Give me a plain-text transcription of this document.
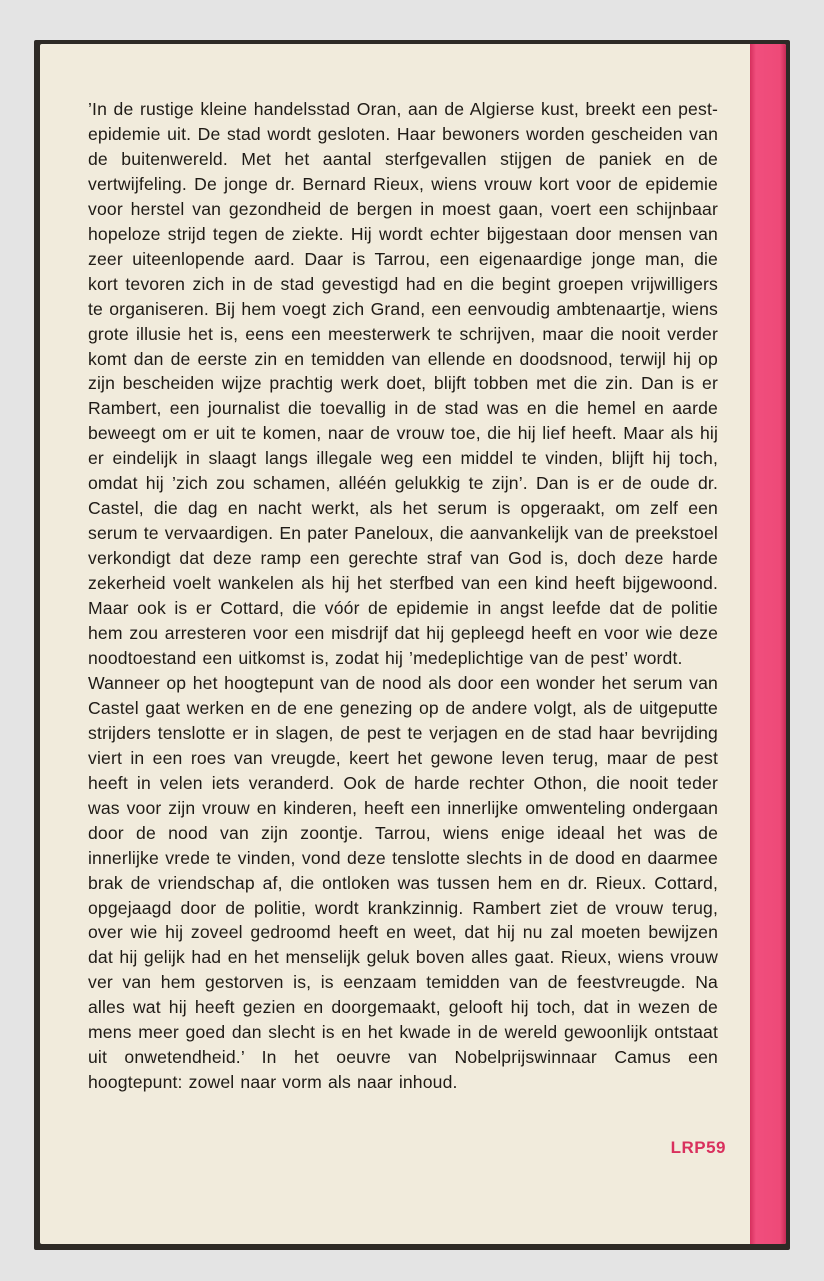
’In de rustige kleine handelsstad Oran, aan de Algierse kust, breekt een pest-epidemie uit. De stad wordt gesloten. Haar bewoners worden gescheiden van de buitenwereld. Met het aantal sterfgevallen stijgen de paniek en de vertwijfeling. De jonge dr. Bernard Rieux, wiens vrouw kort voor de epidemie voor herstel van gezondheid de bergen in moest gaan, voert een schijnbaar hopeloze strijd tegen de ziekte. Hij wordt echter bijgestaan door mensen van zeer uiteenlopende aard. Daar is Tarrou, een eigenaardige jonge man, die kort tevoren zich in de stad gevestigd had en die begint groepen vrijwilligers te organiseren. Bij hem voegt zich Grand, een eenvoudig ambtenaartje, wiens grote illusie het is, eens een meesterwerk te schrijven, maar die nooit verder komt dan de eerste zin en temidden van ellende en doodsnood, terwijl hij op zijn bescheiden wijze prachtig werk doet, blijft tobben met die zin. Dan is er Rambert, een journalist die toevallig in de stad was en die hemel en aarde beweegt om er uit te komen, naar de vrouw toe, die hij lief heeft. Maar als hij er eindelijk in slaagt langs illegale weg een middel te vinden, blijft hij toch, omdat hij ’zich zou schamen, alléén gelukkig te zijn’. Dan is er de oude dr. Castel, die dag en nacht werkt, als het serum is opgeraakt, om zelf een serum te vervaardigen. En pater Paneloux, die aanvankelijk van de preekstoel verkondigt dat deze ramp een gerechte straf van God is, doch deze harde zekerheid voelt wankelen als hij het sterfbed van een kind heeft bijgewoond. Maar ook is er Cottard, die vóór de epidemie in angst leefde dat de politie hem zou arresteren voor een misdrijf dat hij gepleegd heeft en voor wie deze noodtoestand een uitkomst is, zodat hij ’medeplichtige van de pest’ wordt.

Wanneer op het hoogtepunt van de nood als door een wonder het serum van Castel gaat werken en de ene genezing op de andere volgt, als de uitgeputte strijders tenslotte er in slagen, de pest te verjagen en de stad haar bevrijding viert in een roes van vreugde, keert het gewone leven terug, maar de pest heeft in velen iets veranderd. Ook de harde rechter Othon, die nooit teder was voor zijn vrouw en kinderen, heeft een innerlijke omwenteling ondergaan door de nood van zijn zoontje. Tarrou, wiens enige ideaal het was de innerlijke vrede te vinden, vond deze tenslotte slechts in de dood en daarmee brak de vriendschap af, die ontloken was tussen hem en dr. Rieux. Cottard, opgejaagd door de politie, wordt krankzinnig. Rambert ziet de vrouw terug, over wie hij zoveel gedroomd heeft en weet, dat hij nu zal moeten bewijzen dat hij gelijk had en het menselijk geluk boven alles gaat. Rieux, wiens vrouw ver van hem gestorven is, is eenzaam temidden van de feestvreugde. Na alles wat hij heeft gezien en doorgemaakt, gelooft hij toch, dat in wezen de mens meer goed dan slecht is en het kwade in de wereld gewoonlijk ontstaat uit onwetendheid.’ In het oeuvre van Nobelprijswinnaar Camus een hoogtepunt: zowel naar vorm als naar inhoud.

LRP59
